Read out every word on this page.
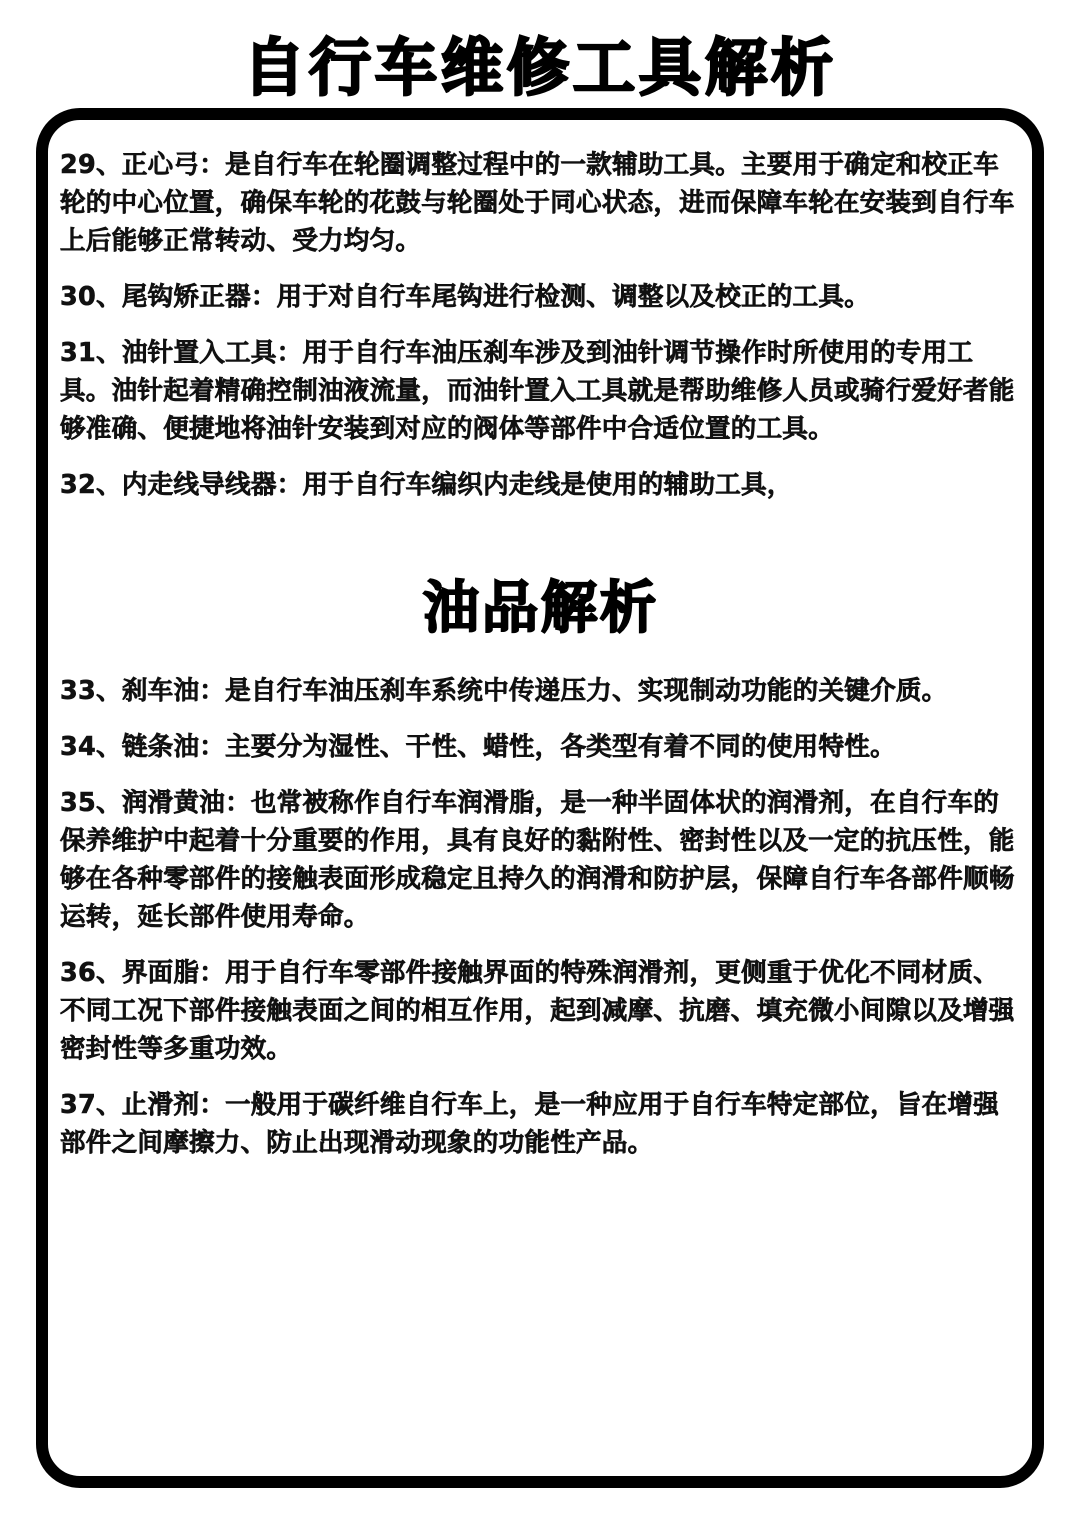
自行车维修工具解析

29、正心弓：是自行车在轮圈调整过程中的一款辅助工具。主要用于确定和校正车轮的中心位置，确保车轮的花鼓与轮圈处于同心状态，进而保障车轮在安装到自行车上后能够正常转动、受力均匀。

30、尾钩矫正器：用于对自行车尾钩进行检测、调整以及校正的工具。

31、油针置入工具：用于自行车油压刹车涉及到油针调节操作时所使用的专用工具。油针起着精确控制油液流量，而油针置入工具就是帮助维修人员或骑行爱好者能够准确、便捷地将油针安装到对应的阀体等部件中合适位置的工具。

32、内走线导线器：用于自行车编织内走线是使用的辅助工具，

油品解析

33、刹车油：是自行车油压刹车系统中传递压力、实现制动功能的关键介质。

34、链条油：主要分为湿性、干性、蜡性，各类型有着不同的使用特性。

35、润滑黄油：也常被称作自行车润滑脂，是一种半固体状的润滑剂，在自行车的保养维护中起着十分重要的作用，具有良好的黏附性、密封性以及一定的抗压性，能够在各种零部件的接触表面形成稳定且持久的润滑和防护层，保障自行车各部件顺畅运转，延长部件使用寿命。

36、界面脂：用于自行车零部件接触界面的特殊润滑剂，更侧重于优化不同材质、不同工况下部件接触表面之间的相互作用，起到减摩、抗磨、填充微小间隙以及增强密封性等多重功效。

37、止滑剂：一般用于碳纤维自行车上，是一种应用于自行车特定部位，旨在增强部件之间摩擦力、防止出现滑动现象的功能性产品。
